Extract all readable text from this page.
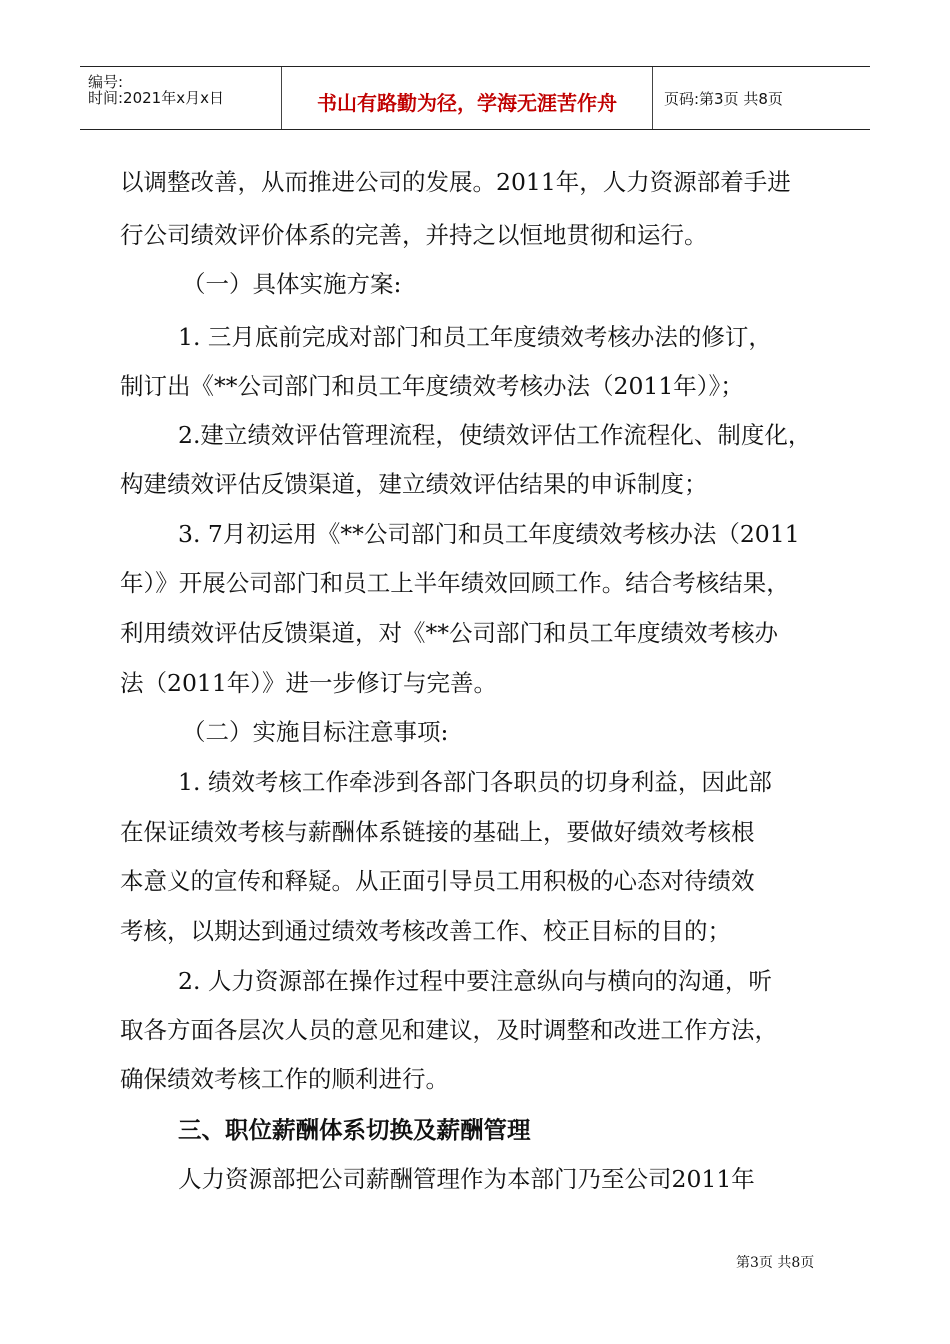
编号:
时间:2021年x月x日	书山有路勤为径，学海无涯苦作舟	页码:第3页 共8页
以调整改善，从而推进公司的发展。2011年，人力资源部着手进
行公司绩效评价体系的完善，并持之以恒地贯彻和运行。
（一）具体实施方案:
1. 三月底前完成对部门和员工年度绩效考核办法的修订，
制订出《**公司部门和员工年度绩效考核办法（2011年）》；
2.建立绩效评估管理流程，使绩效评估工作流程化、制度化，
构建绩效评估反馈渠道，建立绩效评估结果的申诉制度；
3. 7月初运用《**公司部门和员工年度绩效考核办法（2011
年）》开展公司部门和员工上半年绩效回顾工作。结合考核结果，
利用绩效评估反馈渠道，对《**公司部门和员工年度绩效考核办
法（2011年）》进一步修订与完善。
（二）实施目标注意事项:
1. 绩效考核工作牵涉到各部门各职员的切身利益，因此部
在保证绩效考核与薪酬体系链接的基础上，要做好绩效考核根
本意义的宣传和释疑。从正面引导员工用积极的心态对待绩效
考核，以期达到通过绩效考核改善工作、校正目标的目的；
2. 人力资源部在操作过程中要注意纵向与横向的沟通，听
取各方面各层次人员的意见和建议，及时调整和改进工作方法，
确保绩效考核工作的顺利进行。
三、职位薪酬体系切换及薪酬管理
人力资源部把公司薪酬管理作为本部门乃至公司2011年
第3页 共8页
